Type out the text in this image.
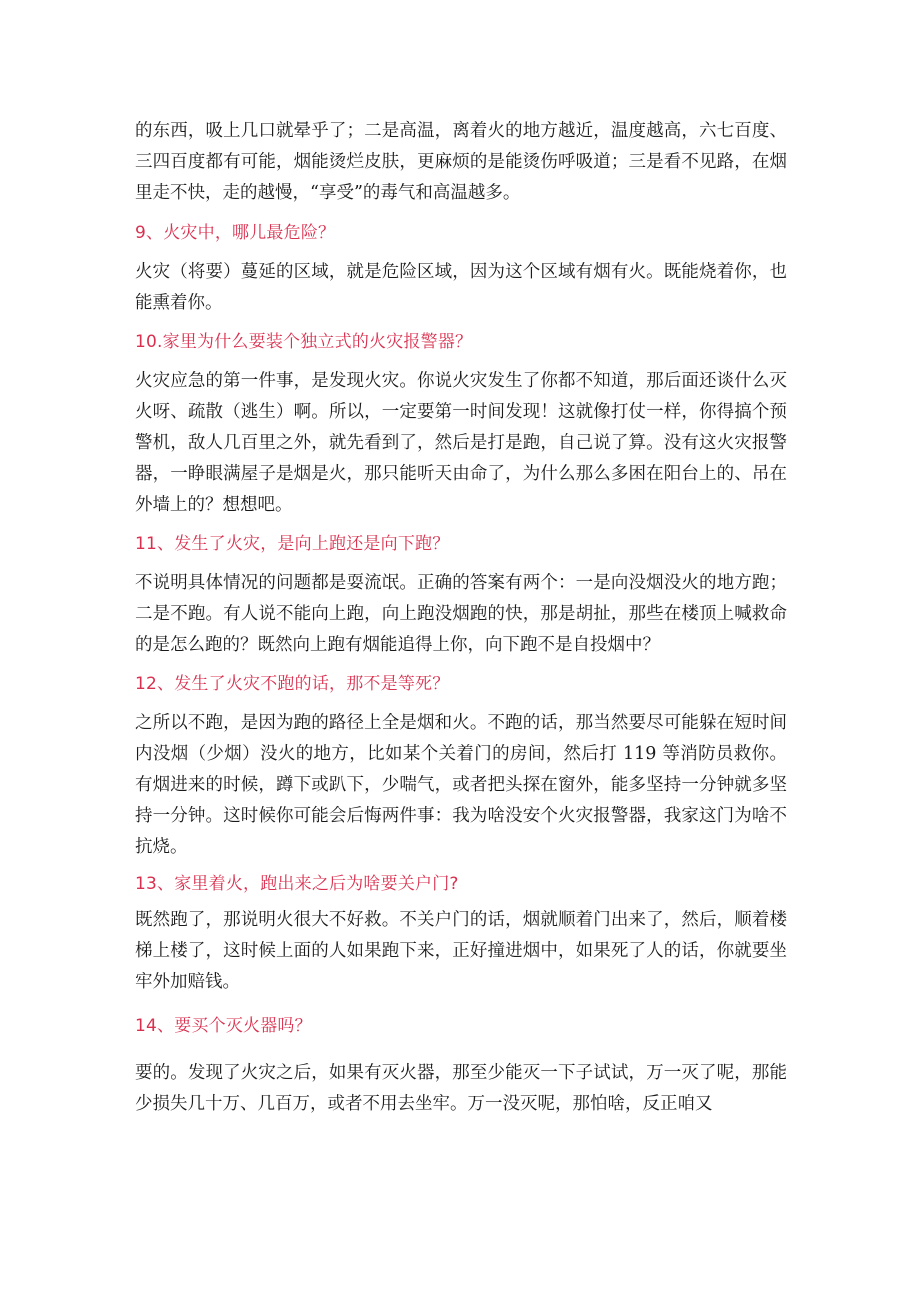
的东西，吸上几口就晕乎了；二是高温，离着火的地方越近，温度越高，六七百度、三四百度都有可能，烟能烫烂皮肤，更麻烦的是能烫伤呼吸道；三是看不见路，在烟里走不快，走的越慢，“享受”的毒气和高温越多。

9、火灾中，哪儿最危险？

火灾（将要）蔓延的区域，就是危险区域，因为这个区域有烟有火。既能烧着你，也能熏着你。

10.家里为什么要装个独立式的火灾报警器？

火灾应急的第一件事，是发现火灾。你说火灾发生了你都不知道，那后面还谈什么灭火呀、疏散（逃生）啊。所以，一定要第一时间发现！这就像打仗一样，你得搞个预警机，敌人几百里之外，就先看到了，然后是打是跑，自己说了算。没有这火灾报警器，一睁眼满屋子是烟是火，那只能听天由命了，为什么那么多困在阳台上的、吊在外墙上的？想想吧。

11、发生了火灾，是向上跑还是向下跑？

不说明具体情况的问题都是耍流氓。正确的答案有两个：一是向没烟没火的地方跑；二是不跑。有人说不能向上跑，向上跑没烟跑的快，那是胡扯，那些在楼顶上喊救命的是怎么跑的？既然向上跑有烟能追得上你，向下跑不是自投烟中？

12、发生了火灾不跑的话，那不是等死？

之所以不跑，是因为跑的路径上全是烟和火。不跑的话，那当然要尽可能躲在短时间内没烟（少烟）没火的地方，比如某个关着门的房间，然后打 119 等消防员救你。有烟进来的时候，蹲下或趴下，少喘气，或者把头探在窗外，能多坚持一分钟就多坚持一分钟。这时候你可能会后悔两件事：我为啥没安个火灾报警器，我家这门为啥不抗烧。

13、家里着火，跑出来之后为啥要关户门?

既然跑了，那说明火很大不好救。不关户门的话，烟就顺着门出来了，然后，顺着楼梯上楼了，这时候上面的人如果跑下来，正好撞进烟中，如果死了人的话，你就要坐牢外加赔钱。

14、要买个灭火器吗？

要的。发现了火灾之后，如果有灭火器，那至少能灭一下子试试，万一灭了呢，那能少损失几十万、几百万，或者不用去坐牢。万一没灭呢，那怕啥，反正咱又
